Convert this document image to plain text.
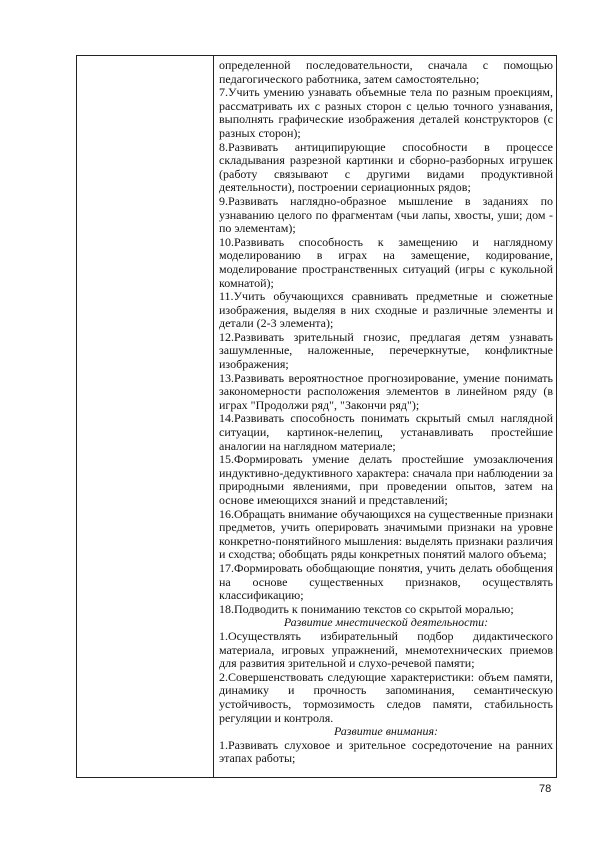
определенной последовательности, сначала с помощью педагогического работника, затем самостоятельно;

7.Учить умению узнавать объемные тела по разным проекциям, рассматривать их с разных сторон с целью точного узнавания, выполнять графические изображения деталей конструкторов (с разных сторон);

8.Развивать антиципирующие способности в процессе складывания разрезной картинки и сборно-разборных игрушек (работу связывают с другими видами продуктивной деятельности), построении сериационных рядов;

9.Развивать наглядно-образное мышление в заданиях по узнаванию целого по фрагментам (чьи лапы, хвосты, уши; дом - по элементам);

10.Развивать способность к замещению и наглядному моделированию в играх на замещение, кодирование, моделирование пространственных ситуаций (игры с кукольной комнатой);

11.Учить обучающихся сравнивать предметные и сюжетные изображения, выделяя в них сходные и различные элементы и детали (2-3 элемента);

12.Развивать зрительный гнозис, предлагая детям узнавать зашумленные, наложенные, перечеркнутые, конфликтные изображения;

13.Развивать вероятностное прогнозирование, умение понимать закономерности расположения элементов в линейном ряду (в играх "Продолжи ряд", "Закончи ряд");

14.Развивать способность понимать скрытый смыл наглядной ситуации, картинок-нелепиц, устанавливать простейшие аналогии на наглядном материале;

15.Формировать умение делать простейшие умозаключения индуктивно-дедуктивного характера: сначала при наблюдении за природными явлениями, при проведении опытов, затем на основе имеющихся знаний и представлений;

16.Обращать внимание обучающихся на существенные признаки предметов, учить оперировать значимыми признаки на уровне конкретно-понятийного мышления: выделять признаки различия и сходства; обобщать ряды конкретных понятий малого объема;

17.Формировать обобщающие понятия, учить делать обобщения на основе существенных признаков, осуществлять классификацию;

18.Подводить к пониманию текстов со скрытой моралью;

Развитие мнестической деятельности:

1.Осуществлять избирательный подбор дидактического материала, игровых упражнений, мнемотехнических приемов для развития зрительной и слухо-речевой памяти;

2.Совершенствовать следующие характеристики: объем памяти, динамику и прочность запоминания, семантическую устойчивость, тормозимость следов памяти, стабильность регуляции и контроля.

Развитие внимания:

1.Развивать слуховое и зрительное сосредоточение на ранних этапах работы;

78
